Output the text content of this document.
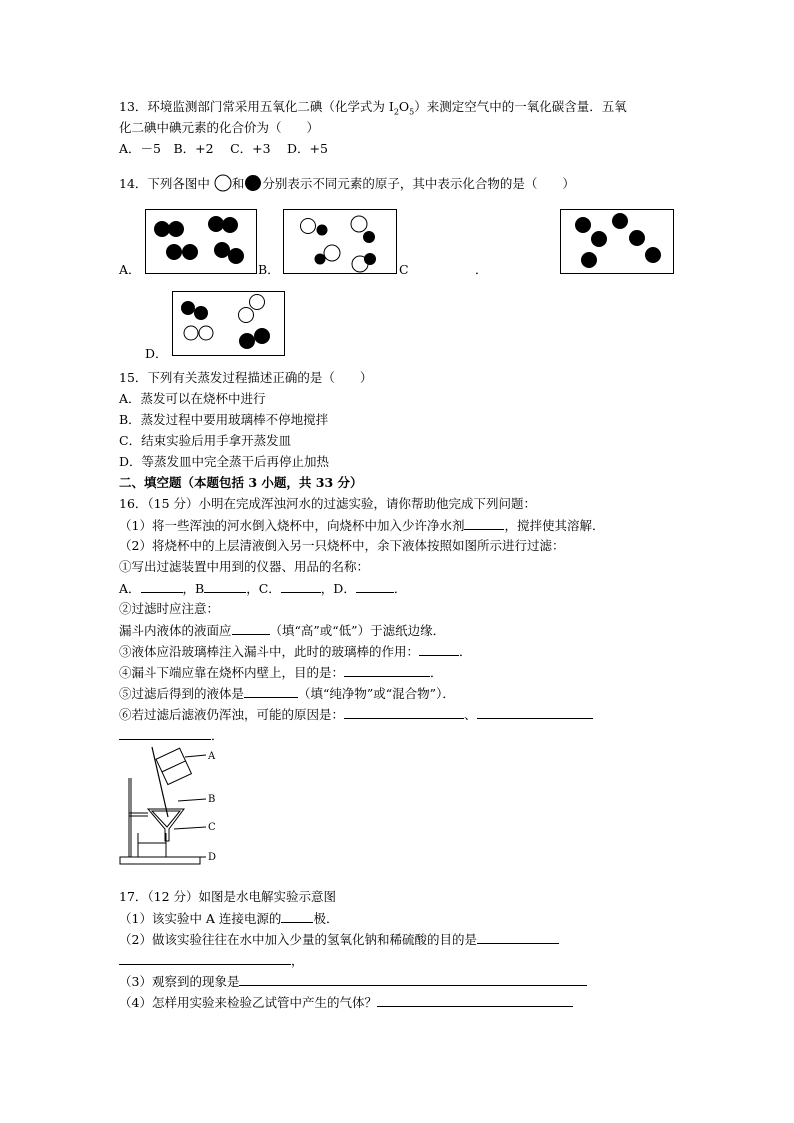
13．环境监测部门常采用五氧化二碘（化学式为 $I_2O_5$）来测定空气中的一氧化碳含量．五氧
化二碘中碘元素的化合价为（　　）
A．－5　B．+2　 C．+3　 D．+5
14．下列各图中 和 分别表示不同元素的原子，其中表示化合物的是（　　）
A．	B．	C	．
D．
15．下列有关蒸发过程描述正确的是（　　）
A．蒸发可以在烧杯中进行
B．蒸发过程中要用玻璃棒不停地搅拌
C．结束实验后用手拿开蒸发皿
D．等蒸发皿中完全蒸干后再停止加热
二、填空题（本题包括 3 小题，共 33 分）
16．（15 分）小明在完成浑浊河水的过滤实验，请你帮助他完成下列问题：
（1）将一些浑浊的河水倒入烧杯中，向烧杯中加入少许净水剂	，搅拌使其溶解．
（2）将烧杯中的上层清液倒入另一只烧杯中，余下液体按照如图所示进行过滤：
①写出过滤装置中用到的仪器、用品的名称：
A．	，B	，C．	，D．	．
②过滤时应注意：
漏斗内液体的液面应	（填“高”或“低”）于滤纸边缘．
③液体应沿玻璃棒注入漏斗中，此时的玻璃棒的作用：	．
④漏斗下端应靠在烧杯内壁上，目的是：	．
⑤过滤后得到的液体是	（填“纯净物”或“混合物”）．
⑥若过滤后滤液仍浑浊，可能的原因是：	、
．
A
B
C
D
17．（12 分）如图是水电解实验示意图
（1）该实验中 A 连接电源的	极．
（2）做该实验往往在水中加入少量的氢氧化钠和稀硫酸的目的是
，
（3）观察到的现象是
（4）怎样用实验来检验乙试管中产生的气体？
